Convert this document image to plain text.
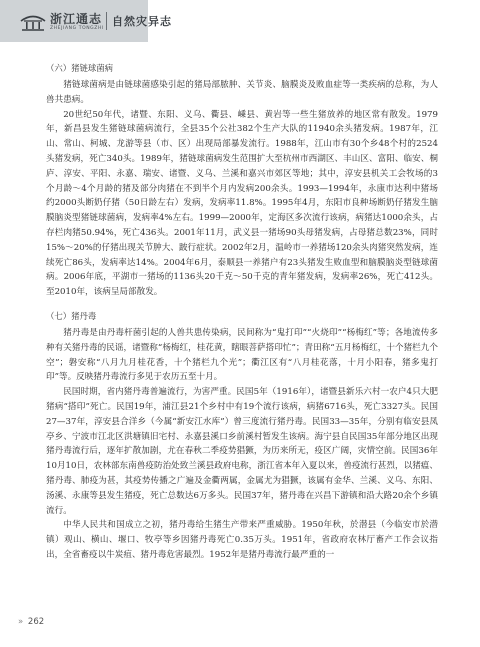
浙江通志
ZHEJIANG TONGZHI
自然灾异志
（六）猪链球菌病

猪链球菌病是由链球菌感染引起的猪局部脓肿、关节炎、脑膜炎及败血症等一类疾病的总称，为人兽共患病。

20世纪50年代，诸暨、东阳、义乌、衢县、嵊县、黄岩等一些生猪放养的地区常有散发。1979年，新昌县发生猪链球菌病流行，全县35个公社382个生产大队的11940余头猪发病。1987年，江山、常山、柯城、龙游等县（市、区）出现局部暴发流行。1988年，江山市有30个乡48个村的2524头猪发病，死亡340头。1989年，猪链球菌病发生范围扩大至杭州市西湖区、丰山区、富阳、临安、桐庐、淳安、平阳、永嘉、瑞安、诸暨、义乌、兰溪和嘉兴市郊区等地；其中，淳安县机关工会牧场的3个月龄～4个月龄的猪及部分肉猪在不到半个月内发病200余头。1993—1994年，永康市达利中猪场约2000头断奶仔猪（50日龄左右）发病，发病率11.8%。1995年4月，东阳市良种场断奶仔猪发生脑膜脑炎型猪链球菌病，发病率4%左右。1999—2000年，定海区多次流行该病，病猪达1000余头，占存栏肉猪50.94%，死亡436头。2001年11月，武义县一猪场90头母猪发病，占母猪总数23%，同时15%～20%的仔猪出现关节肿大、跛行症状。2002年2月，温岭市一养猪场120余头肉猪突然发病，连续死亡86头，发病率达14%。2004年6月，泰顺县一养猪户有23头猪发生败血型和脑膜脑炎型链球菌病。2006年底，平湖市一猪场的1136头20千克～50千克的青年猪发病，发病率26%，死亡412头。至2010年，该病呈局部散发。

（七）猪丹毒

猪丹毒是由丹毒杆菌引起的人兽共患传染病，民间称为“鬼打印”“火烧印”“杨梅红”等；各地流传多种有关猪丹毒的民谣，诸暨称“杨梅红，桂花黄，瞎眼菩萨搭印忙”；青田称“五月杨梅红，十个猪栏九个空”；磐安称“八月九月桂花香，十个猪栏九个光”；衢江区有“八月桂花落，十月小阳春，猪多鬼打印”等。反映猪丹毒流行多见于农历五至十月。

民国时期，省内猪丹毒普遍流行，为害严重。民国5年（1916年），诸暨县新乐六村一农户4只大肥猪病“搭印”死亡。民国19年，浦江县21个乡村中有19个流行该病，病猪6716头，死亡3327头。民国27—37年，淳安县合洋乡（今属“新安江水库”）曾三度流行猪丹毒。民国33—35年，分别有临安县凤亭乡、宁波市江北区洪塘镇旧宅村、永嘉县溪口乡前溪村暂发生该病。海宁县自民国35年部分地区出现猪丹毒流行后，逐年扩散加剧，尤在春秋二季疫势猖獗，为历来所无，疫区广阔，灾情空前。民国36年10月10日，农林部东南兽疫防治处致兰溪县政府电称，浙江省本年入夏以来，兽疫流行甚烈，以猪瘟、猪丹毒、肺疫为甚，其疫势传播之广遍及金衢两属，金属尤为猖獗，该属有金华、兰溪、义乌、东阳、汤溪、永康等县发生猪疫，死亡总数达6万多头。民国37年，猪丹毒在兴昌下游镇和沿大路20余个乡镇流行。

中华人民共和国成立之初，猪丹毒给生猪生产带来严重威胁。1950年秋，於潜县（今临安市於潜镇）观山、横山、堰口、牧亭等乡因猪丹毒死亡0.35万头。1951年，省政府农林厅畜产工作会议指出，全省畜疫以牛炭疽、猪丹毒危害最烈。1952年是猪丹毒流行最严重的一

» 262
